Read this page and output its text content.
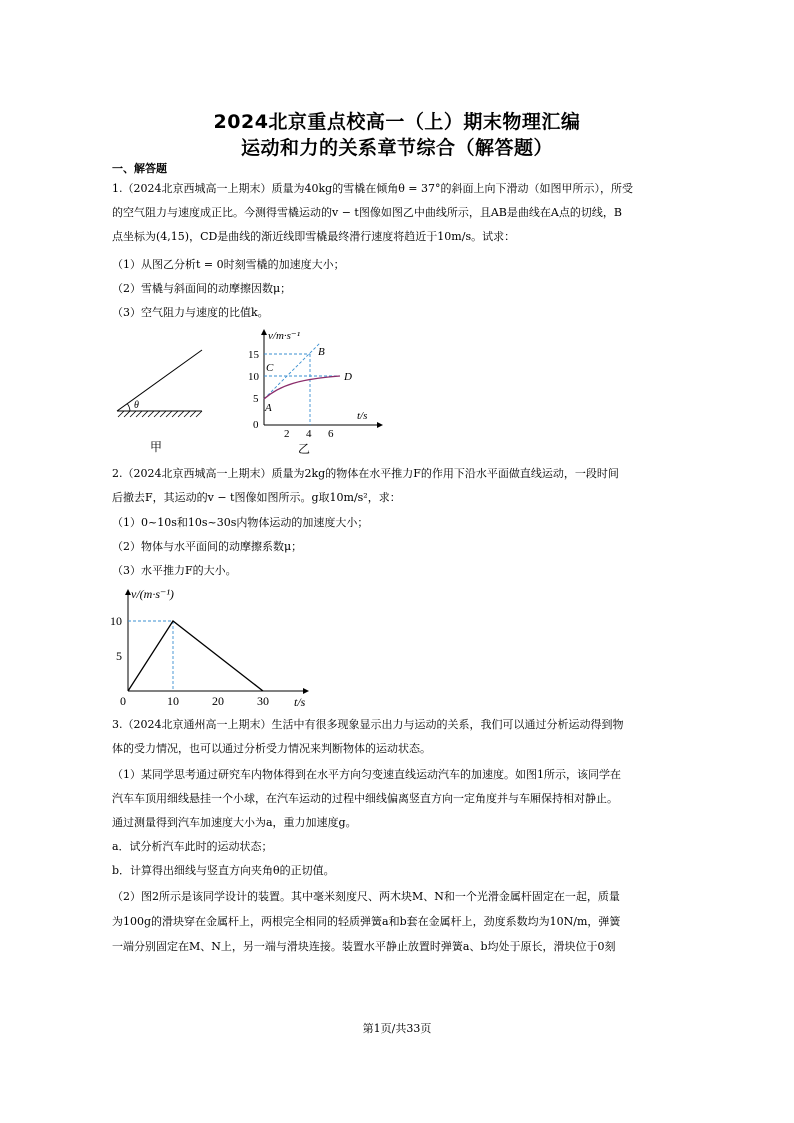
2024北京重点校高一（上）期末物理汇编
运动和力的关系章节综合（解答题）
一、解答题
1.（2024北京西城高一上期末）质量为40kg的雪橇在倾角θ = 37°的斜面上向下滑动（如图甲所示），所受
的空气阻力与速度成正比。今测得雪橇运动的v − t图像如图乙中曲线所示，且AB是曲线在A点的切线，B
点坐标为(4,15)，CD是曲线的渐近线即雪橇最终滑行速度将趋近于10m/s。试求：
（1）从图乙分析t = 0时刻雪橇的加速度大小；
（2）雪橇与斜面间的动摩擦因数μ；
（3）空气阻力与速度的比值k。
θ
甲
v/m·s⁻¹
t/s
15
10
5
0
2 4 6
A
B
C
D
乙
2.（2024北京西城高一上期末）质量为2kg的物体在水平推力F的作用下沿水平面做直线运动，一段时间
后撤去F，其运动的v − t图像如图所示。g取10m/s²，求：
（1）0~10s和10s~30s内物体运动的加速度大小；
（2）物体与水平面间的动摩擦系数μ；
（3）水平推力F的大小。
v/(m·s⁻¹)
t/s
0	10	20	30
10
5
3.（2024北京通州高一上期末）生活中有很多现象显示出力与运动的关系，我们可以通过分析运动得到物
体的受力情况，也可以通过分析受力情况来判断物体的运动状态。
（1）某同学思考通过研究车内物体得到在水平方向匀变速直线运动汽车的加速度。如图1所示，该同学在
汽车车顶用细线悬挂一个小球，在汽车运动的过程中细线偏离竖直方向一定角度并与车厢保持相对静止。
通过测量得到汽车加速度大小为a，重力加速度g。
a．试分析汽车此时的运动状态；
b．计算得出细线与竖直方向夹角θ的正切值。
（2）图2所示是该同学设计的装置。其中毫米刻度尺、两木块M、N和一个光滑金属杆固定在一起，质量
为100g的滑块穿在金属杆上，两根完全相同的轻质弹簧a和b套在金属杆上，劲度系数均为10N/m，弹簧
一端分别固定在M、N上，另一端与滑块连接。装置水平静止放置时弹簧a、b均处于原长，滑块位于0刻
第1页/共33页
